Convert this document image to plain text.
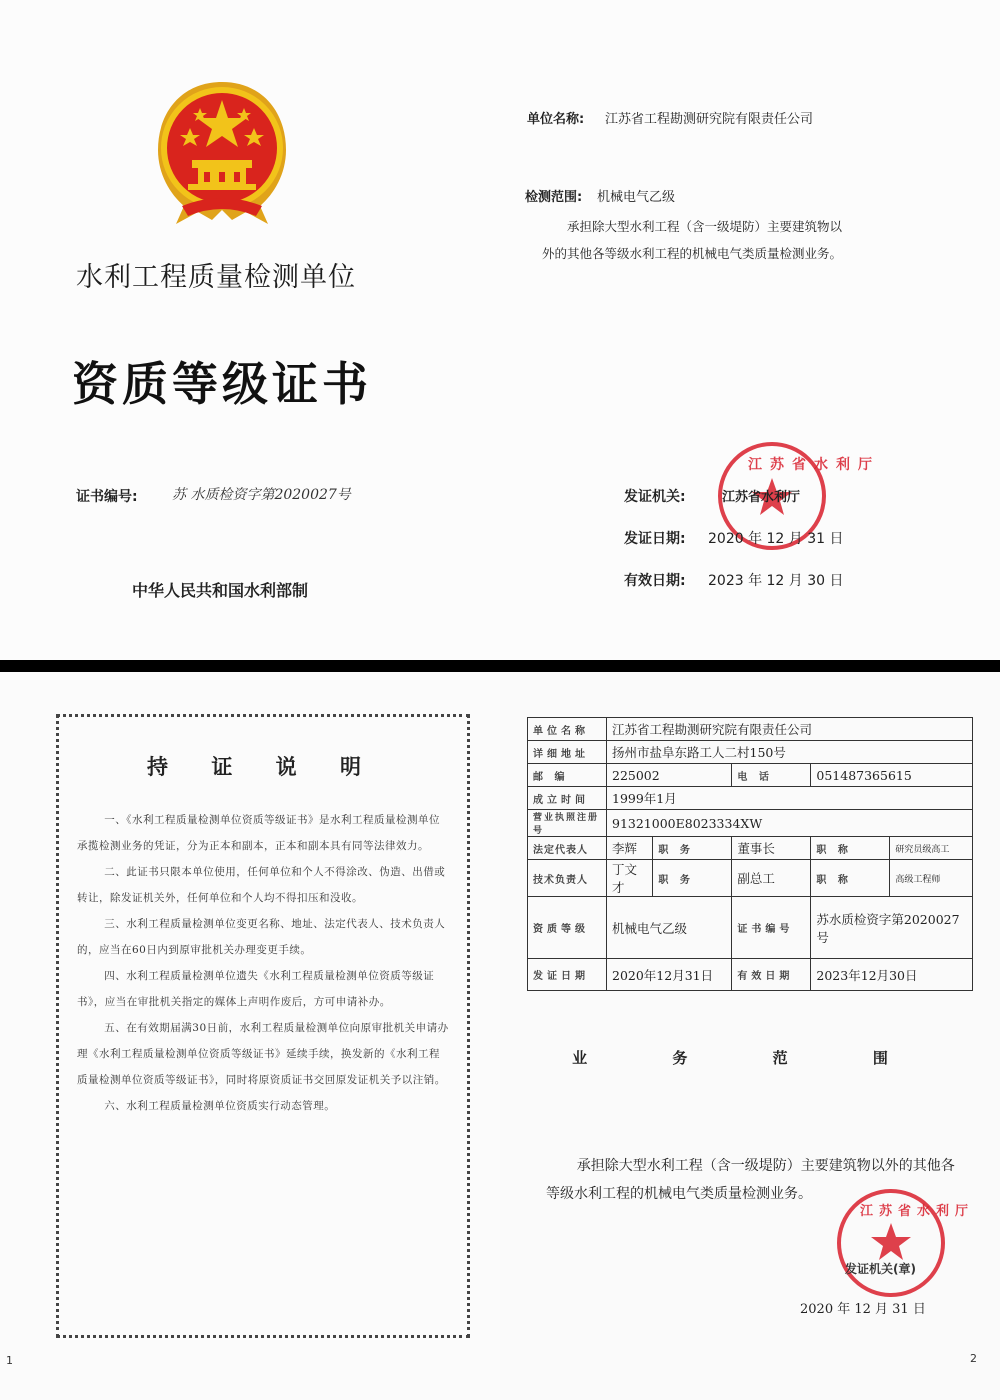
水利工程质量检测单位
资质等级证书
证书编号: 苏 水质检资字第2020027号
中华人民共和国水利部制
单位名称: 江苏省工程勘测研究院有限责任公司
检测范围: 机械电气乙级
承担除大型水利工程（含一级堤防）主要建筑物以外的其他各等级水利工程的机械电气类质量检测业务。
江苏省水利厅
发证机关:	江苏省水利厅
发证日期: 2020 年 12 月 31 日
有效日期: 2023 年 12 月 30 日
持 证 说 明

一、《水利工程质量检测单位资质等级证书》是水利工程质量检测单位承揽检测业务的凭证，分为正本和副本，正本和副本具有同等法律效力。

二、此证书只限本单位使用，任何单位和个人不得涂改、伪造、出借或转让，除发证机关外，任何单位和个人均不得扣压和没收。

三、水利工程质量检测单位变更名称、地址、法定代表人、技术负责人的，应当在60日内到原审批机关办理变更手续。

四、水利工程质量检测单位遗失《水利工程质量检测单位资质等级证书》，应当在审批机关指定的媒体上声明作废后，方可申请补办。

五、在有效期届满30日前，水利工程质量检测单位向原审批机关申请办理《水利工程质量检测单位资质等级证书》延续手续，换发新的《水利工程质量检测单位资质等级证书》，同时将原资质证书交回原发证机关予以注销。

六、水利工程质量检测单位资质实行动态管理。

1
单位名称	江苏省工程勘测研究院有限责任公司				
详细地址	扬州市盐阜东路工人二村150号				
邮 编	225002		电 话	051487365615	
成立时间	1999年1月				
营业执照注册号	91321000E8023334XW				
法定代表人	李辉	职 务	董事长	职 称	研究员级高工
技术负责人	丁文才	职 务	副总工	职 称	高级工程师
资质等级	机械电气乙级		证书编号	苏水质检资字第2020027号	
发证日期	2020年12月31日		有效日期	2023年12月30日	
业 务 范 围
承担除大型水利工程（含一级堤防）主要建筑物以外的其他各等级水利工程的机械电气类质量检测业务。
江苏省水利厅
发证机关(章)
2020 年 12 月 31 日
2
